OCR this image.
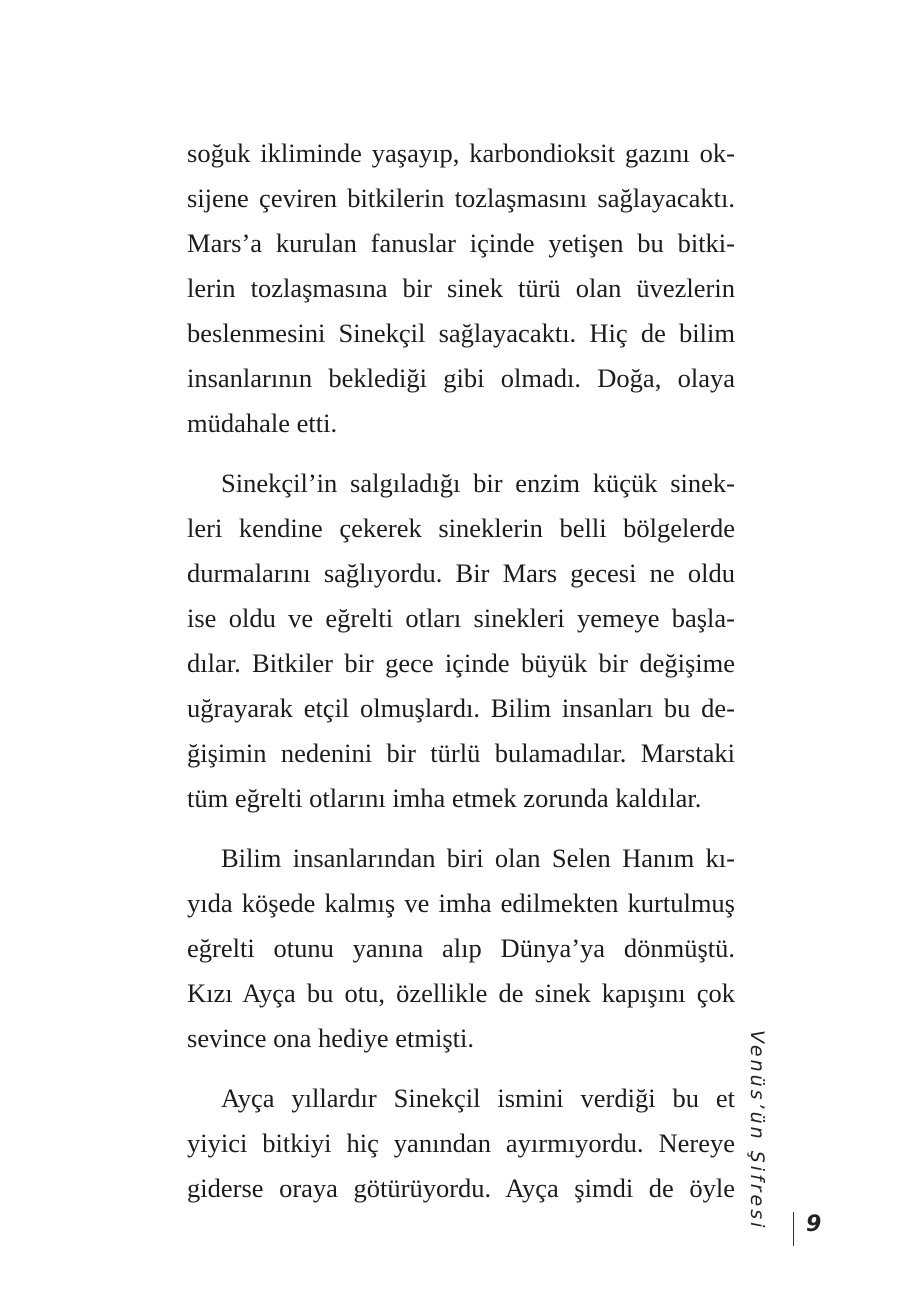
soğuk ikliminde yaşayıp, karbondioksit gazını ok-
sijene çeviren bitkilerin tozlaşmasını sağlayacaktı.
Mars’a kurulan fanuslar içinde yetişen bu bitki-
lerin tozlaşmasına bir sinek türü olan üvezlerin
beslenmesini Sinekçil sağlayacaktı. Hiç de bilim
insanlarının beklediği gibi olmadı. Doğa, olaya
müdahale etti.

Sinekçil’in salgıladığı bir enzim küçük sinek-
leri kendine çekerek sineklerin belli bölgelerde
durmalarını sağlıyordu. Bir Mars gecesi ne oldu
ise oldu ve eğrelti otları sinekleri yemeye başla-
dılar. Bitkiler bir gece içinde büyük bir değişime
uğrayarak etçil olmuşlardı. Bilim insanları bu de-
ğişimin nedenini bir türlü bulamadılar. Marstaki
tüm eğrelti otlarını imha etmek zorunda kaldılar.

Bilim insanlarından biri olan Selen Hanım kı-
yıda köşede kalmış ve imha edilmekten kurtulmuş
eğrelti otunu yanına alıp Dünya’ya dönmüştü.
Kızı Ayça bu otu, özellikle de sinek kapışını çok
sevince ona hediye etmişti.

Ayça yıllardır Sinekçil ismini verdiği bu et
yiyici bitkiyi hiç yanından ayırmıyordu. Nereye
giderse oraya götürüyordu. Ayça şimdi de öyle Venüs’ün Şifresi 9
